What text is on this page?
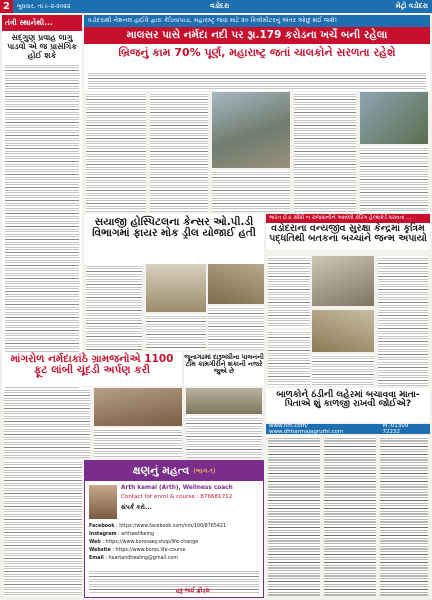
2	બુધવાર, તા.૯-૨-૨૦૨૨	વડોદરા	મેટ્રો વડોદરા
તંત્રી સ્થાનેથી...
સદ્ગુણ પ્રવાહ લાગુ પાડવો એ જ પ્રાસંગિક હોઈ શકે
વડોદરાથી નેશનલ હાઈવે દ્વારા કેડિયાપાડા, મહારાષ્ટ્ર જવા માટે ૨૦ કિલોમીટરનું અંતર ઓછું થઈ જશે!
માલસર પાસે નર્મદા નદી પર રૂા.179 કરોડના ખર્ચે બની રહેલા
બ્રિજનું કામ 70% પૂર્ણ, મહારાષ્ટ્ર જતાં ચાલકોને સરળતા રહેશે
સયાજી હોસ્પિટલના કેન્સર ઓ.પી.ડી વિભાગમાં ફાયર મોક ડ્રીલ યોજાઈ હતી
ભારત ઈંડાં સીધી ન રાજધાનીને આવેલી કેરિંગ હેલ્થકેર્ડ ધરાવતાં ...
વડોદરાના વન્યજીવ સુરક્ષા કેન્દ્રમાં કૃત્રિમ પદ્ધતિથી બતકના બચ્ચાંને જન્મ અપાયો
માંગરોળ નર્મદાકાંઠે ગ્રામજનોએ 1100 ફૂટ લાંબી ચૂંદડી અર્પણ કરી
જૂનાગઢમાં દારૂબંધીના પાલનની ટીમ કામગીરીને શંકાની નજરે જુએ છે
બાળકોને ઠંડીની લહેરમાં બચાવવા માતા-પિતાએ શું કાળજી રાખવી જોઈએ?
www.nm.com/ www.dhharmajagruthi.com
M.:01309 72232
ક્ષણનું મહત્વ (ભાગ-૧)
Arth kamal (Arth), Wellness coach
Contact for enrol & course : 876681712
સંપર્ક કરો...
Facebook : https://www.facebook.com/nm/100/8765421
Instagram : arthwellbeing
Web : https://www.borosaey.shop/life-change
Website : https://www.boros.life-course
Email : heartandhealing@gmail.com
હટ્ટ ભાઈ ફ્રીડ્સ
